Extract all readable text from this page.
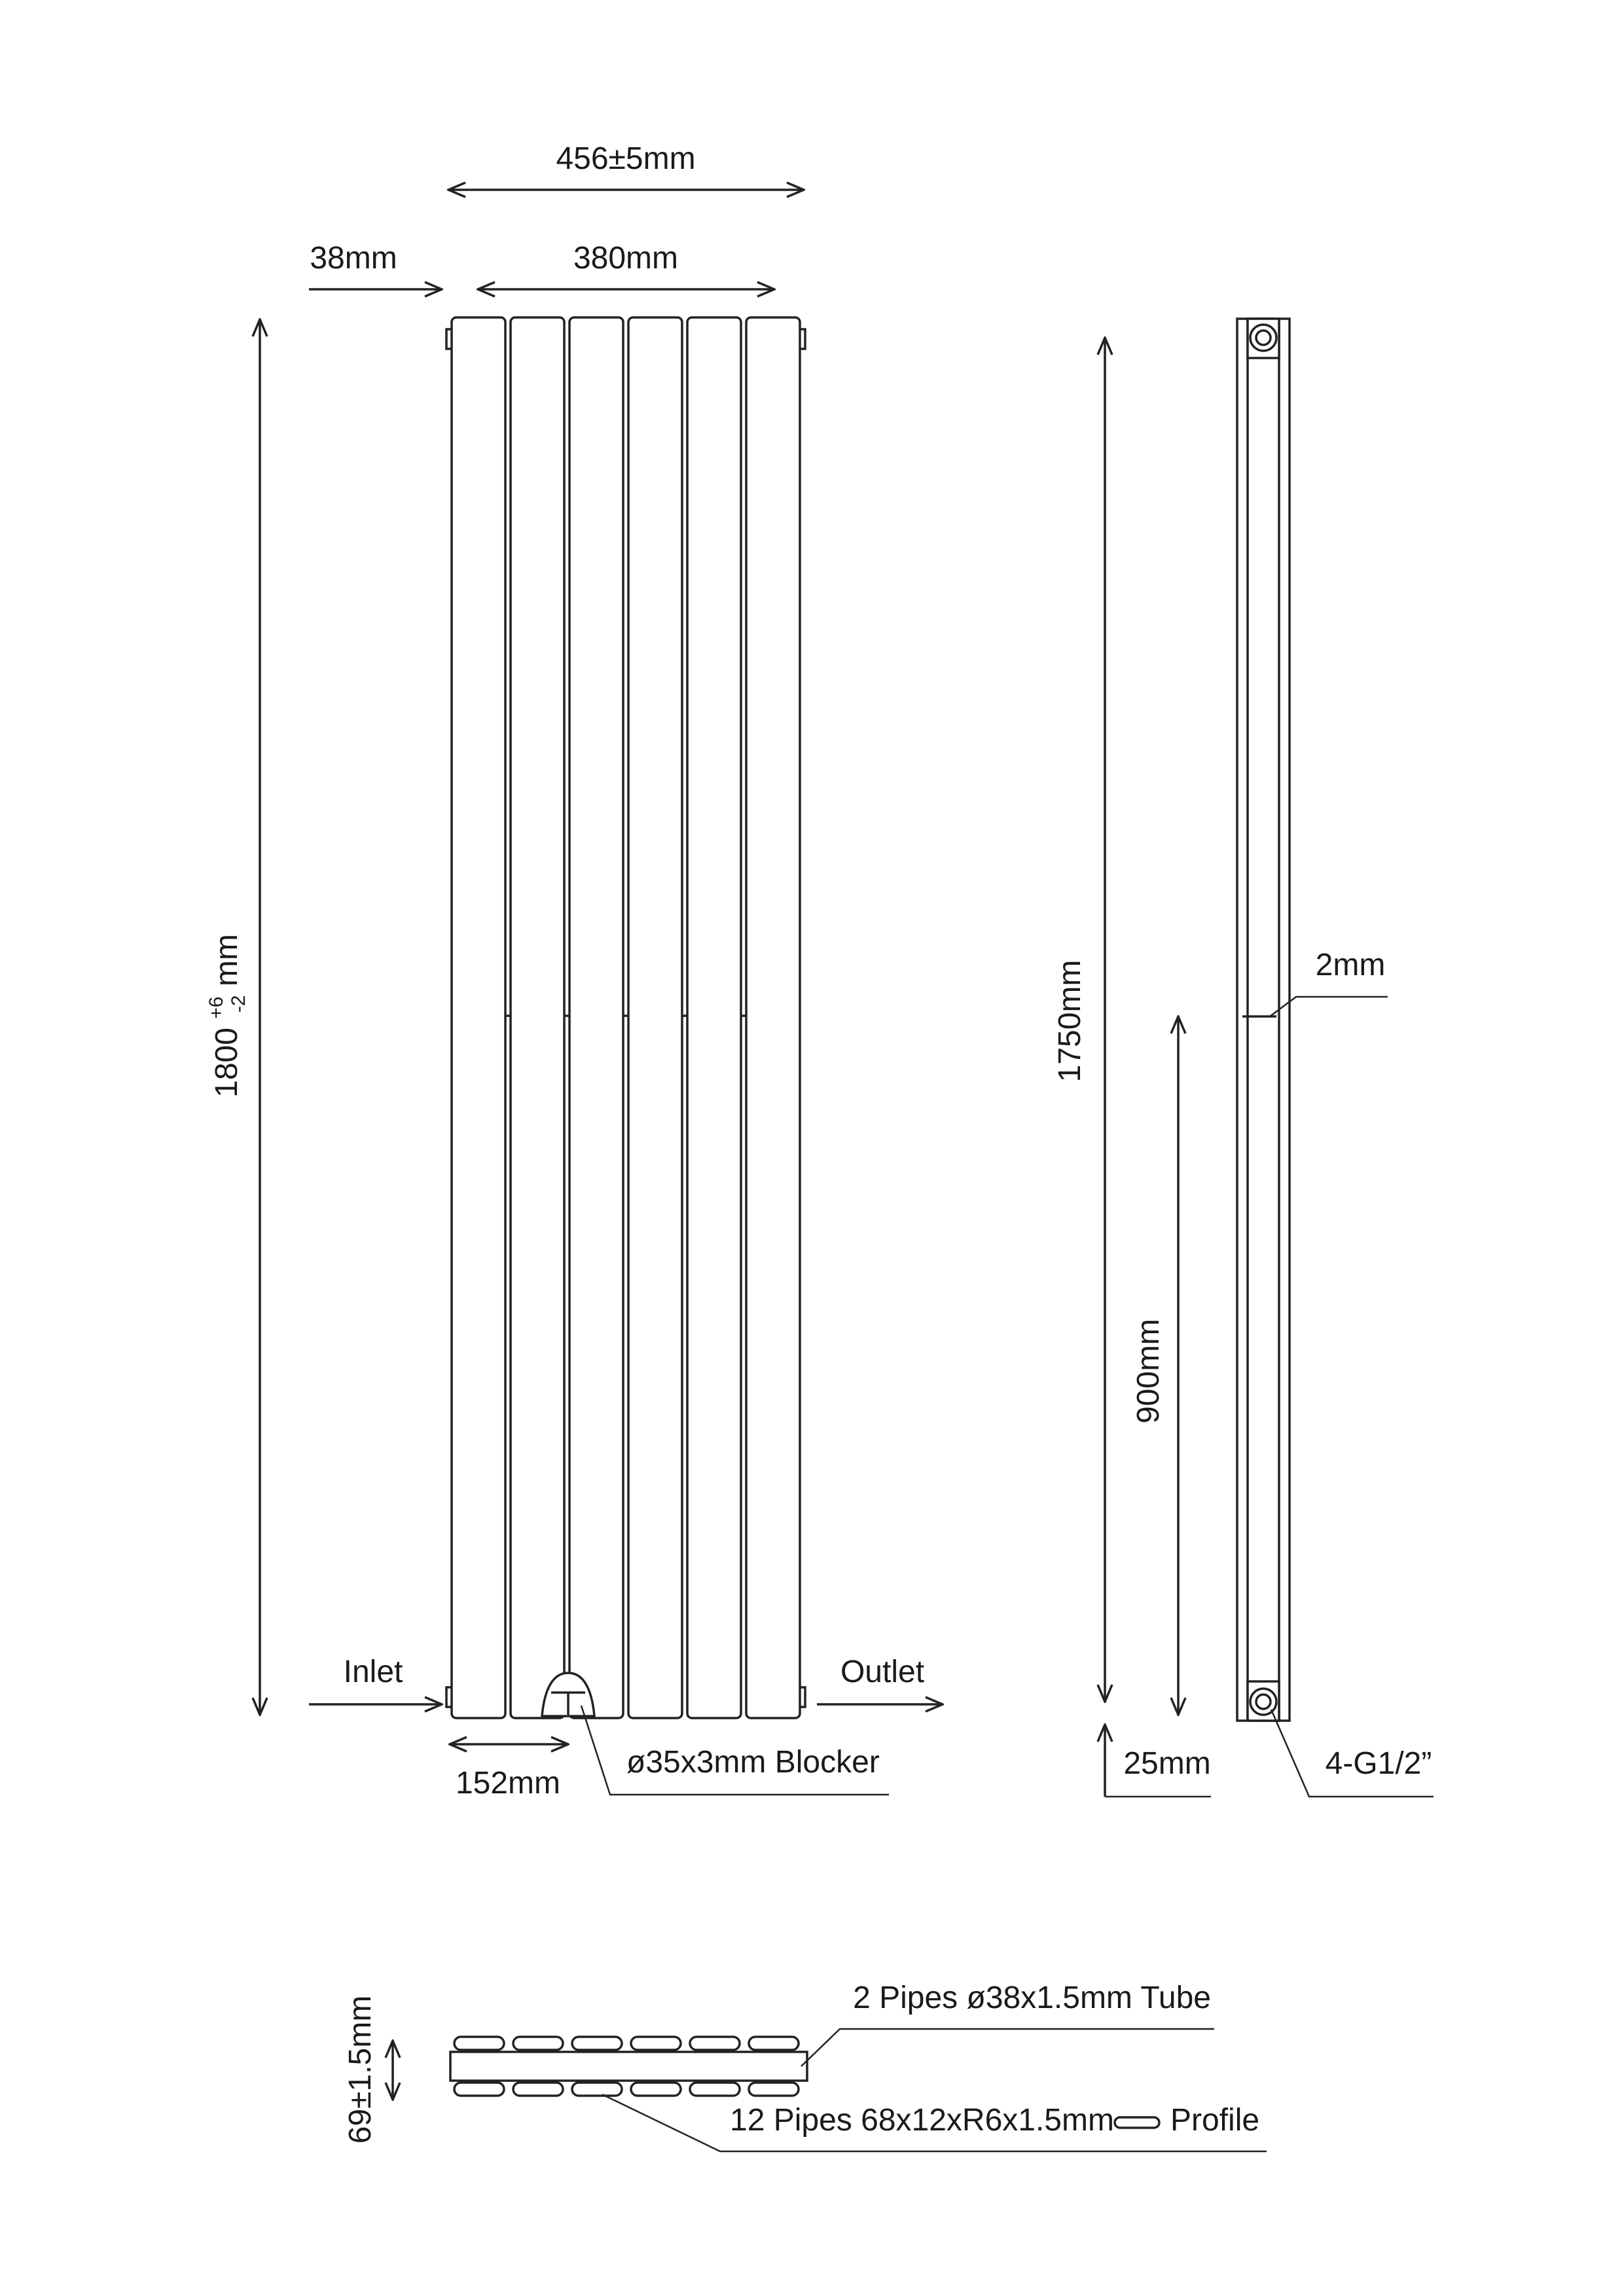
456±5mm
38mm	380mm
1800 $^{+6}$ -2 mm
Inlet	Outlet
152mm
ø35x3mm Blocker
1750mm
900mm
2mm
25mm	4-G1/2”
69±1.5mm	2 Pipes ø38x1.5mm Tube
12 Pipes 68x12xR6x1.5mm Profile
